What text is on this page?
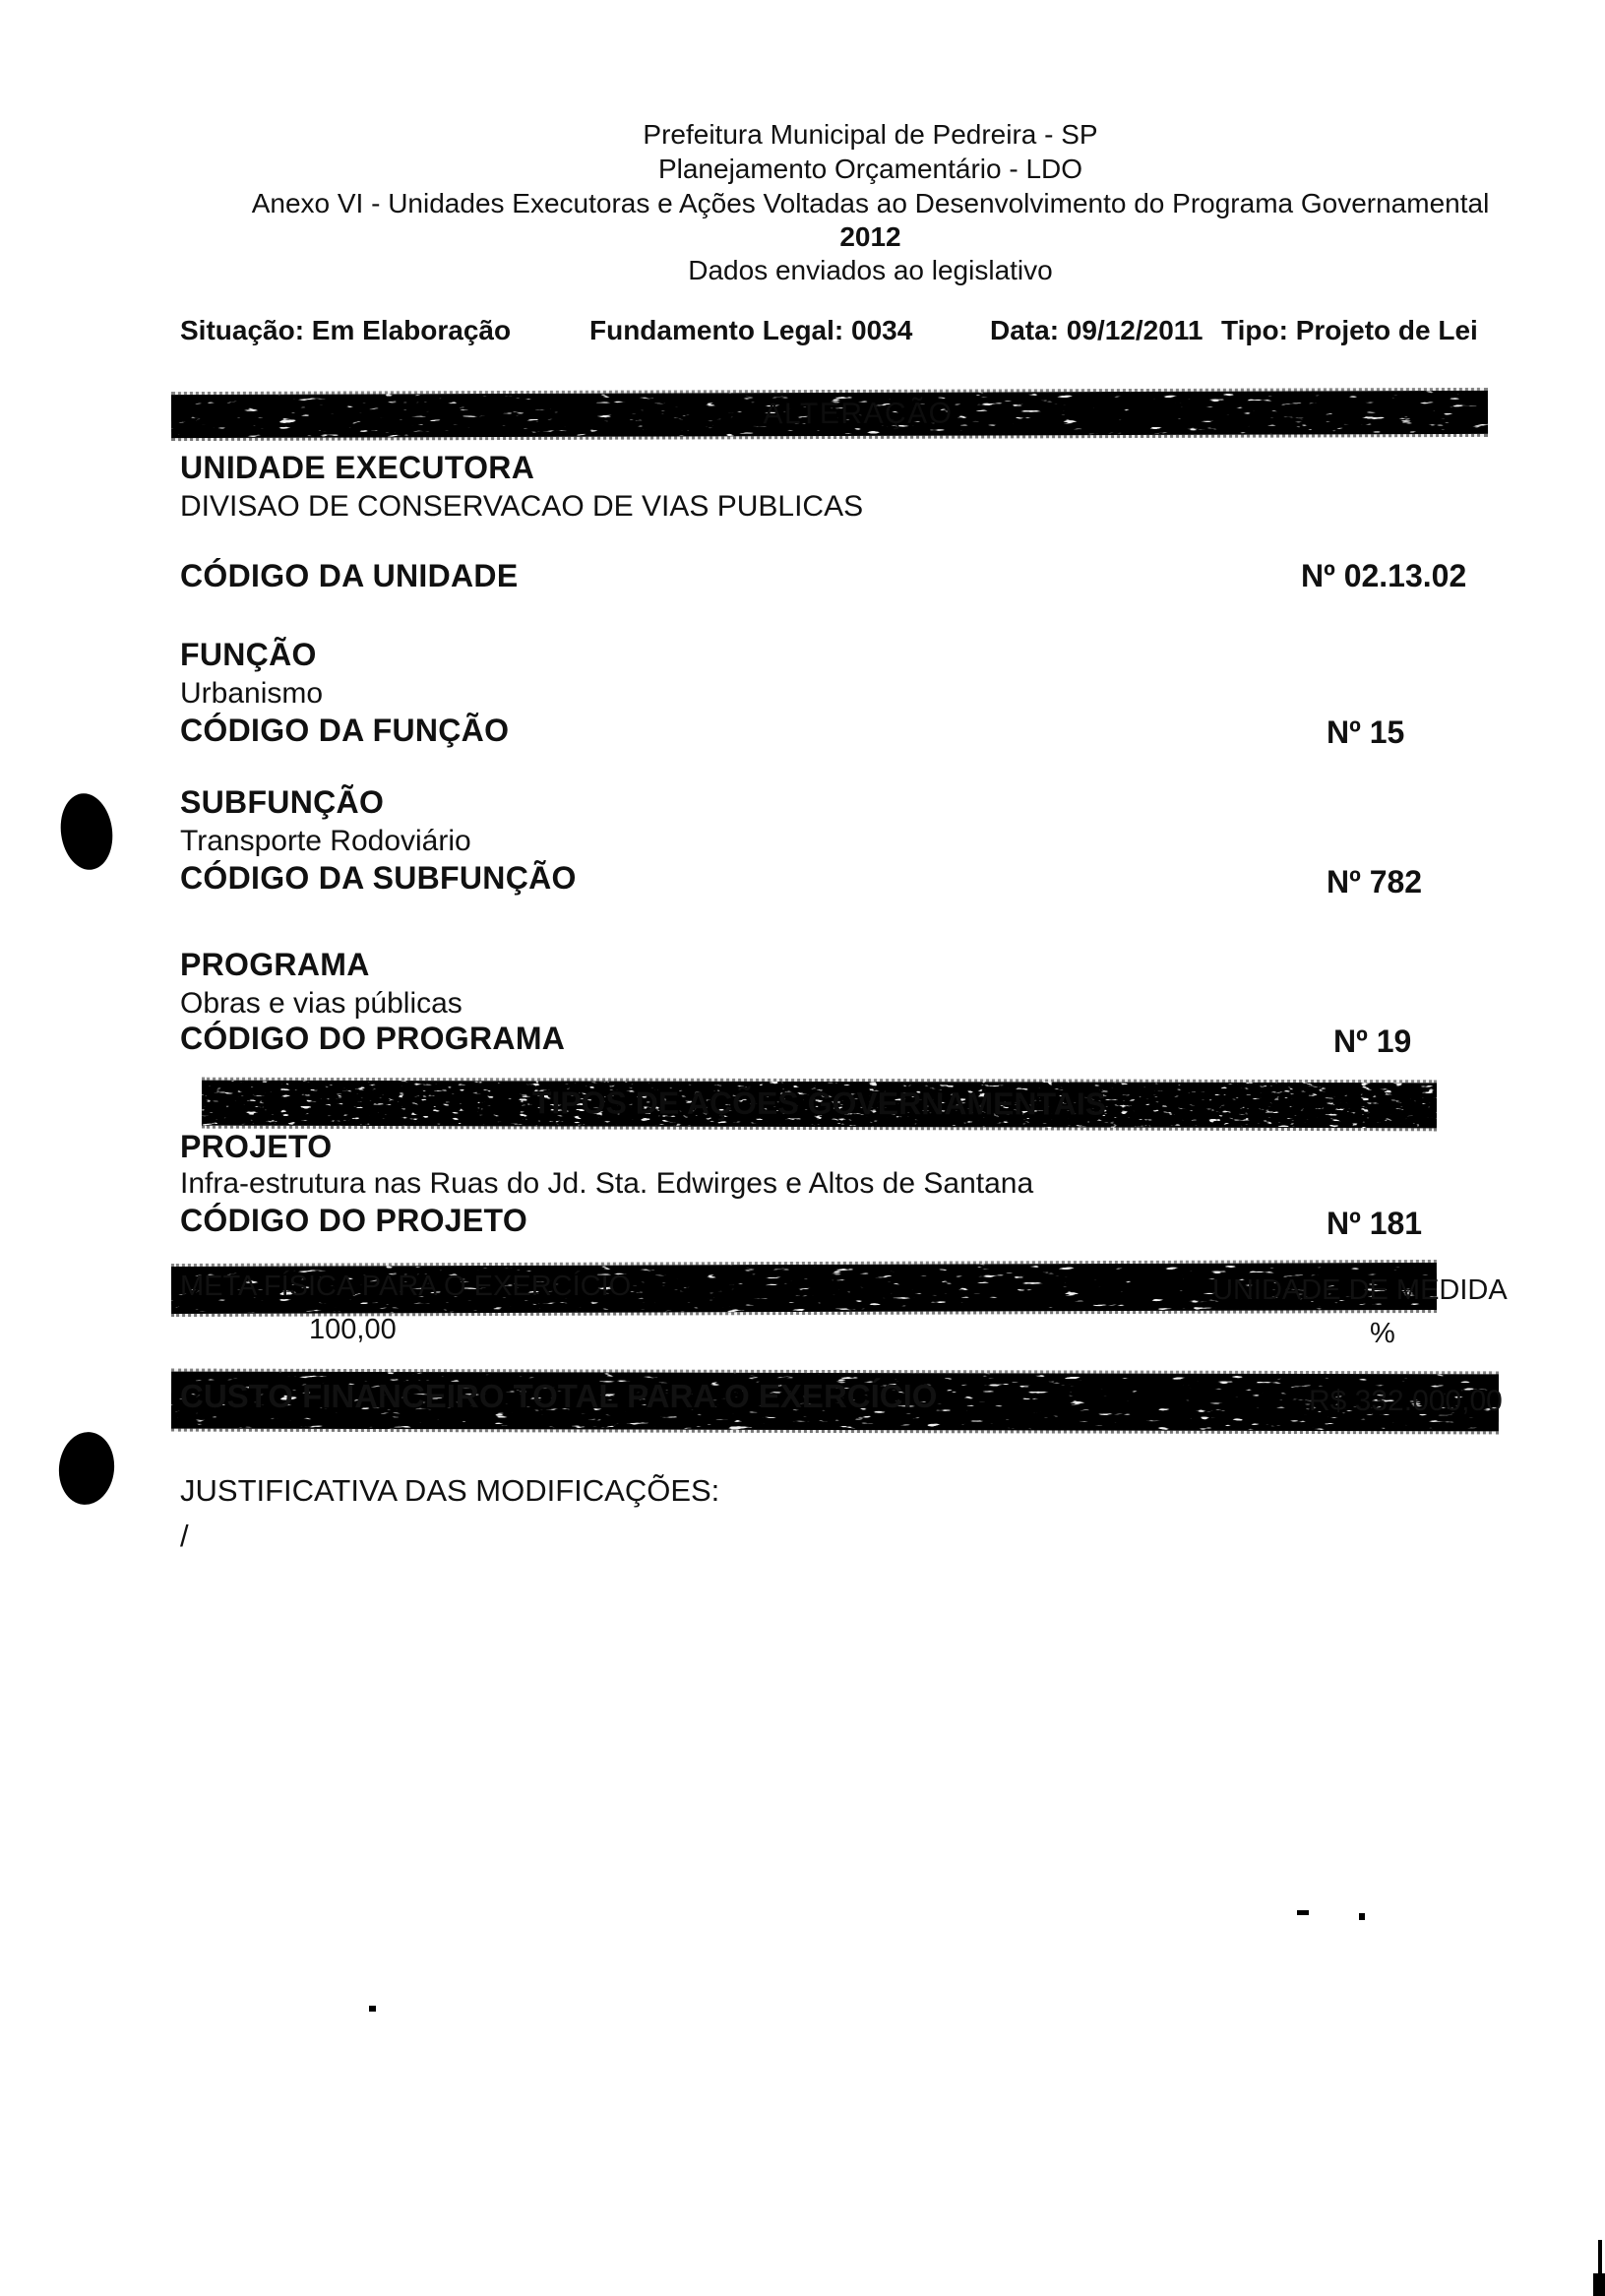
Prefeitura Municipal de Pedreira - SP
Planejamento Orçamentário - LDO
Anexo VI - Unidades Executoras e Ações Voltadas ao Desenvolvimento do Programa Governamental
2012
Dados enviados ao legislativo
Situação: Em Elaboração	Fundamento Legal: 0034	Data: 09/12/2011 Tipo: Projeto de Lei
ALTERAÇÃO
UNIDADE EXECUTORA
DIVISAO DE CONSERVACAO DE VIAS PUBLICAS
CÓDIGO DA UNIDADE	Nº 02.13.02
FUNÇÃO
Urbanismo
CÓDIGO DA FUNÇÃO	Nº 15
SUBFUNÇÃO
Transporte Rodoviário
CÓDIGO DA SUBFUNÇÃO	Nº 782
PROGRAMA
Obras e vias públicas
CÓDIGO DO PROGRAMA	Nº 19
TIPOS DE AÇÕES GOVERNAMENTAIS
PROJETO
Infra-estrutura nas Ruas do Jd. Sta. Edwirges e Altos de Santana
CÓDIGO DO PROJETO	Nº 181
META FÍSICA PARA O EXERCÍCIO	UNIDADE DE MEDIDA
100,00	%
CUSTO FINANCEIRO TOTAL PARA O EXERCÍCIO	R$ 332.000,00
JUSTIFICATIVA DAS MODIFICAÇÕES:
/
